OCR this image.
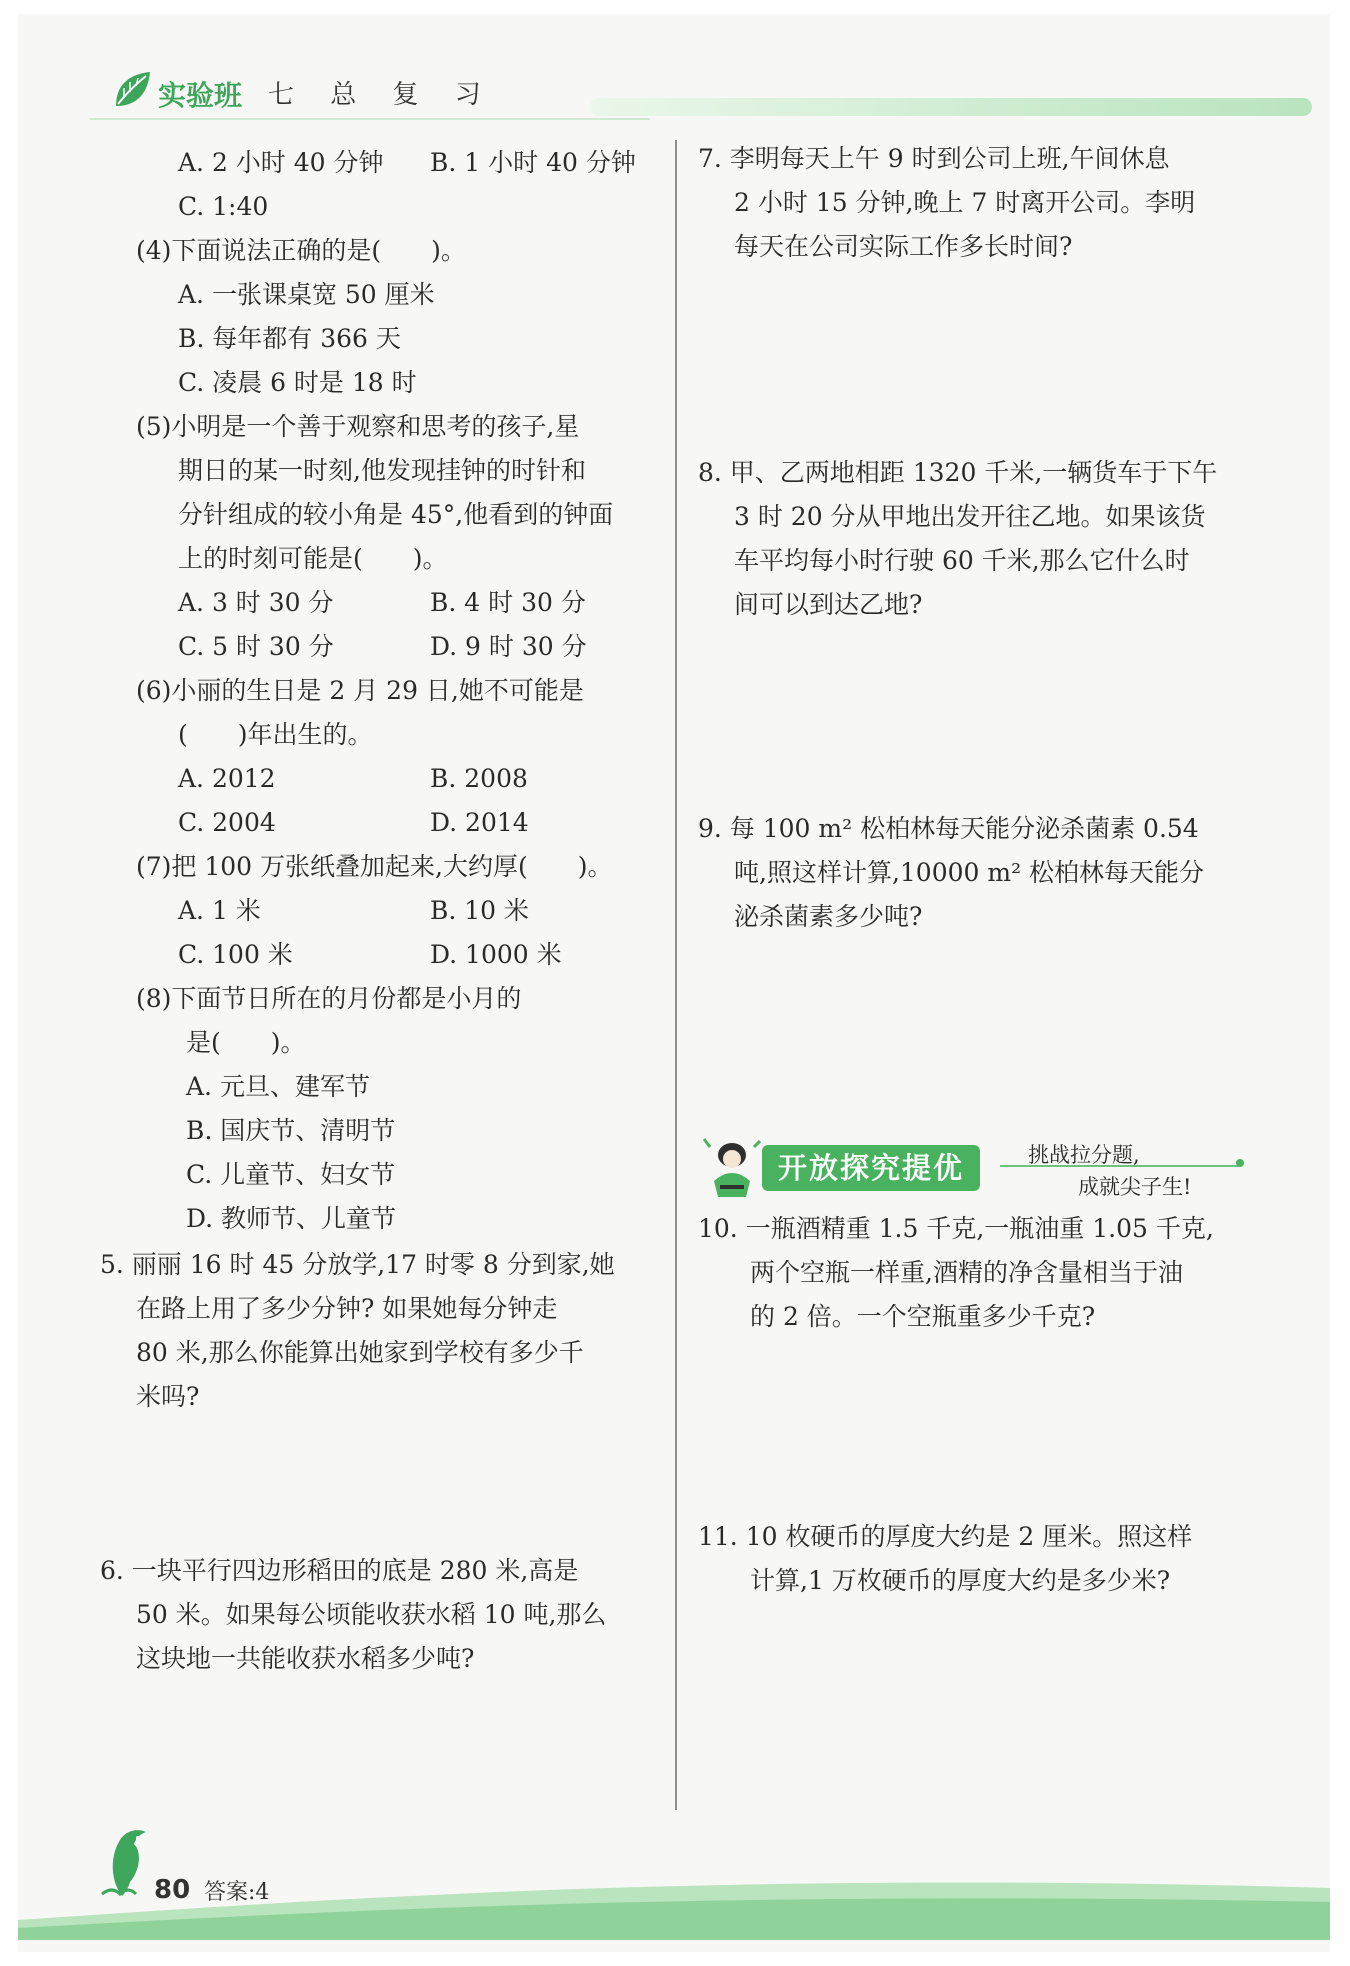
实验班 七 总 复 习
A. 2 小时 40 分钟 B. 1 小时 40 分钟
C. 1:40
(4)下面说法正确的是(　　)。
A. 一张课桌宽 50 厘米
B. 每年都有 366 天
C. 凌晨 6 时是 18 时
(5)小明是一个善于观察和思考的孩子,星
期日的某一时刻,他发现挂钟的时针和
分针组成的较小角是 45°,他看到的钟面
上的时刻可能是(　　)。
A. 3 时 30 分	B. 4 时 30 分
C. 5 时 30 分	D. 9 时 30 分
(6)小丽的生日是 2 月 29 日,她不可能是
(　　)年出生的。
A. 2012	B. 2008
C. 2004	D. 2014
(7)把 100 万张纸叠加起来,大约厚(　　)。
A. 1 米	B. 10 米
C. 100 米	D. 1000 米
(8)下面节日所在的月份都是小月的
是(　　)。
A. 元旦、建军节
B. 国庆节、清明节
C. 儿童节、妇女节
D. 教师节、儿童节
5. 丽丽 16 时 45 分放学,17 时零 8 分到家,她
在路上用了多少分钟? 如果她每分钟走
80 米,那么你能算出她家到学校有多少千
米吗?
6. 一块平行四边形稻田的底是 280 米,高是
50 米。如果每公顷能收获水稻 10 吨,那么
这块地一共能收获水稻多少吨?
7. 李明每天上午 9 时到公司上班,午间休息
2 小时 15 分钟,晚上 7 时离开公司。李明
每天在公司实际工作多长时间?
8. 甲、乙两地相距 1320 千米,一辆货车于下午
3 时 20 分从甲地出发开往乙地。如果该货
车平均每小时行驶 60 千米,那么它什么时
间可以到达乙地?
9. 每 100 m² 松柏林每天能分泌杀菌素 0.54
吨,照这样计算,10000 m² 松柏林每天能分
泌杀菌素多少吨?
10. 一瓶酒精重 1.5 千克,一瓶油重 1.05 千克,
两个空瓶一样重,酒精的净含量相当于油
的 2 倍。一个空瓶重多少千克?
11. 10 枚硬币的厚度大约是 2 厘米。照这样
计算,1 万枚硬币的厚度大约是多少米?
开放探究提优	挑战拉分题,
成就尖子生!
80 答案:4
